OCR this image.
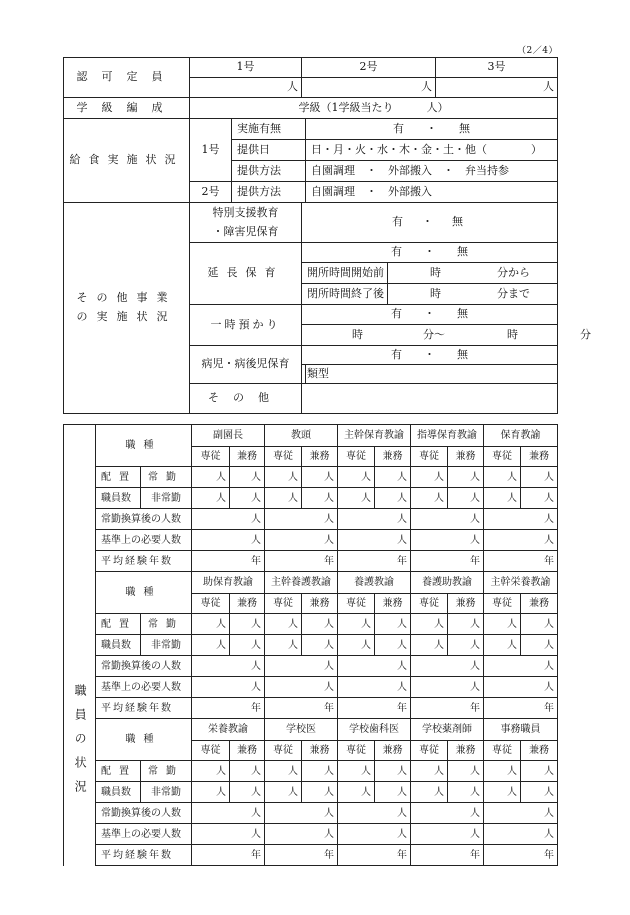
（2／4）
認可定員	1号		2号			3号
	人		人			人
学級編成	学級（1学級当たり　　　人）					
給食実施状況	1号	実施有無		有　　・　　無		
		提供日		日・月・火・水・木・金・土・他（　　　　）		
		提供方法		自園調理　・　外部搬入　・　弁当持参		
	2号	提供方法		自園調理　・　外部搬入		
その他事業
の実施状況	特別支援教育
・障害児保育		有　・　無			
	延長保育		有 ・ 無			
			開所時間開始前		時 分から	
			閉所時間終了後		時 分まで	
	一時預かり		有 ・ 無			
			時 分～ 時 分			
	病児・病後児保育		有 ・ 無			
			類型			
	その他					
職員の状況	職種		副園長		教頭		主幹保育教諭		指導保育教諭		保育教諭	
			専従	兼務	専従	兼務	専従	兼務	専従	兼務	専従	兼務
	配置	常勤	人	人	人	人	人	人	人	人	人	人
	職員数	非常勤	人	人	人	人	人	人	人	人	人	人
	常勤換算後の人数		人		人		人		人		人	
	基準上の必要人数		人		人		人		人		人	
	平均経験年数		年		年		年		年		年	
	職種		助保育教諭		主幹養護教諭		養護教諭		養護助教諭		主幹栄養教諭	
			専従	兼務	専従	兼務	専従	兼務	専従	兼務	専従	兼務
	配置	常勤	人	人	人	人	人	人	人	人	人	人
	職員数	非常勤	人	人	人	人	人	人	人	人	人	人
	常勤換算後の人数		人		人		人		人		人	
	基準上の必要人数		人		人		人		人		人	
	平均経験年数		年		年		年		年		年	
	職種		栄養教諭		学校医		学校歯科医		学校薬剤師		事務職員	
			専従	兼務	専従	兼務	専従	兼務	専従	兼務	専従	兼務
	配置	常勤	人	人	人	人	人	人	人	人	人	人
	職員数	非常勤	人	人	人	人	人	人	人	人	人	人
	常勤換算後の人数		人		人		人		人		人	
	基準上の必要人数		人		人		人		人		人	
	平均経験年数		年		年		年		年		年	
